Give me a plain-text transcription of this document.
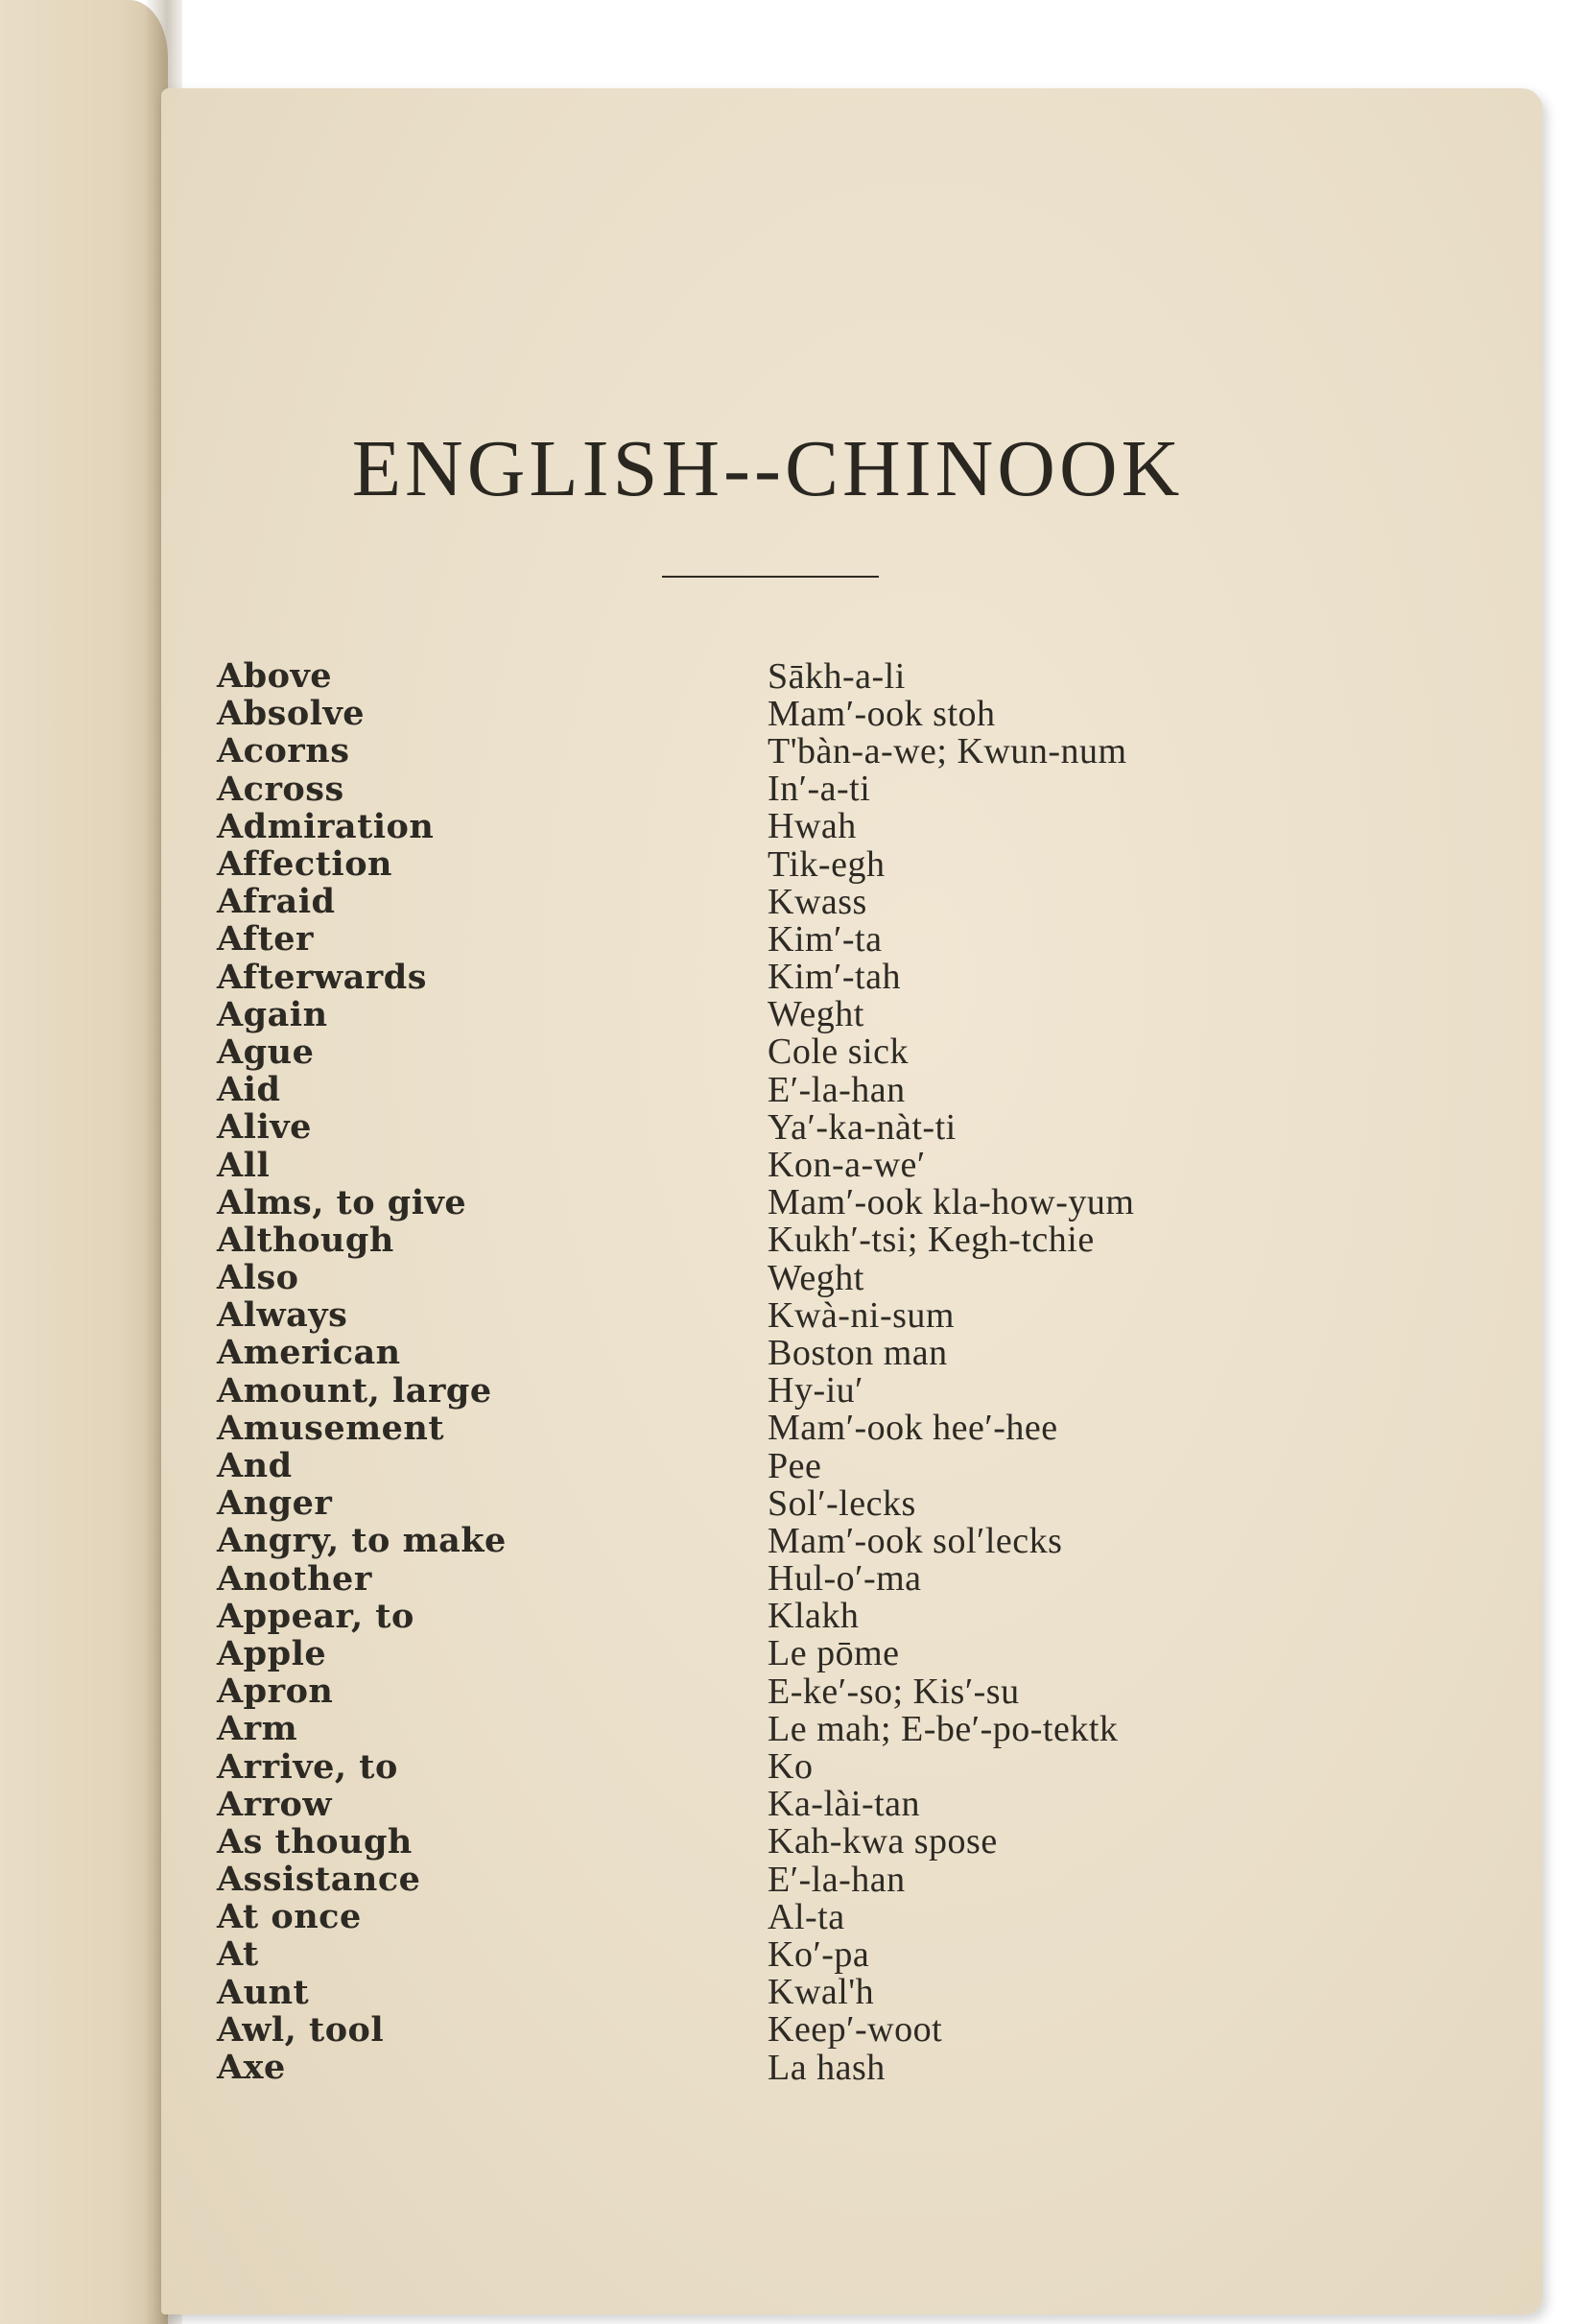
ENGLISH--CHINOOK
Above	Sākh-a-li
Absolve	Mam′-ook stoh
Acorns	T'bàn-a-we; Kwun-num
Across	In′-a-ti
Admiration	Hwah
Affection	Tik-egh
Afraid	Kwass
After	Kim′-ta
Afterwards	Kim′-tah
Again	Weght
Ague	Cole sick
Aid	E′-la-han
Alive	Ya′-ka-nàt-ti
All	Kon-a-we′
Alms, to give	Mam′-ook kla-how-yum
Although	Kukh′-tsi; Kegh-tchie
Also	Weght
Always	Kwà-ni-sum
American	Boston man
Amount, large	Hy-iu′
Amusement	Mam′-ook hee′-hee
And	Pee
Anger	Sol′-lecks
Angry, to make	Mam′-ook sol′lecks
Another	Hul-o′-ma
Appear, to	Klakh
Apple	Le pōme
Apron	E-ke′-so; Kis′-su
Arm	Le mah; E-be′-po-tektk
Arrive, to	Ko
Arrow	Ka-lài-tan
As though	Kah-kwa spose
Assistance	E′-la-han
At once	Al-ta
At	Ko′-pa
Aunt	Kwal'h
Awl, tool	Keep′-woot
Axe	La hash
